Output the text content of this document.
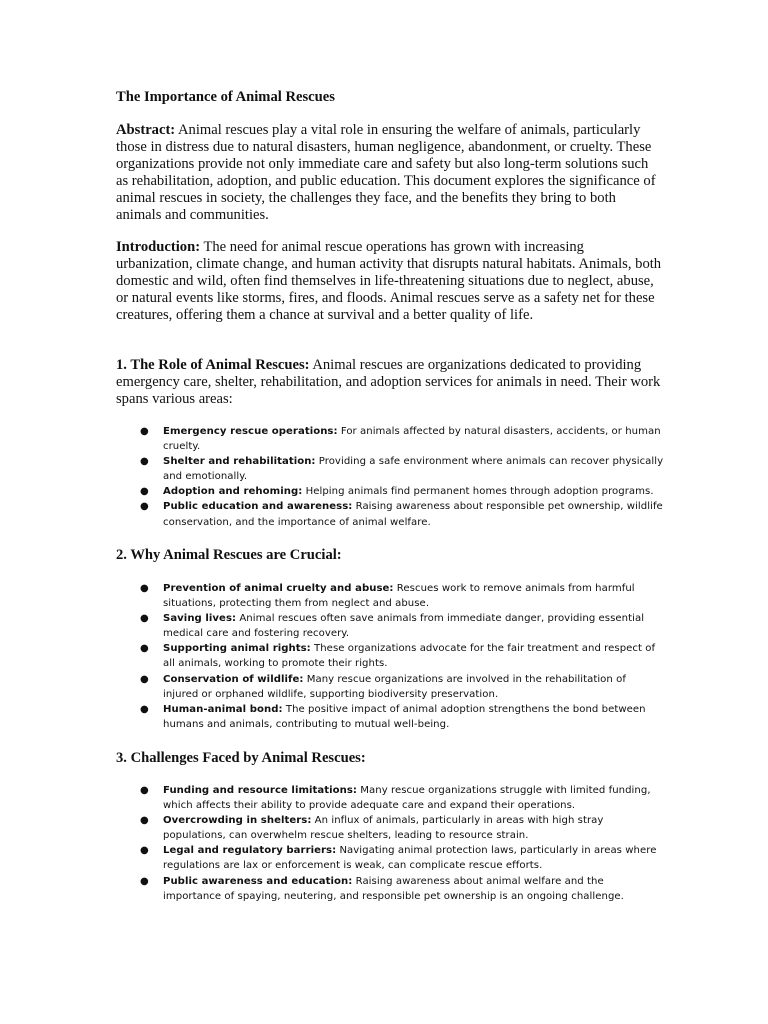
The Importance of Animal Rescues

Abstract: Animal rescues play a vital role in ensuring the welfare of animals, particularly those in distress due to natural disasters, human negligence, abandonment, or cruelty. These organizations provide not only immediate care and safety but also long-term solutions such as rehabilitation, adoption, and public education. This document explores the significance of animal rescues in society, the challenges they face, and the benefits they bring to both animals and communities.

Introduction: The need for animal rescue operations has grown with increasing urbanization, climate change, and human activity that disrupts natural habitats. Animals, both domestic and wild, often find themselves in life-threatening situations due to neglect, abuse, or natural events like storms, fires, and floods. Animal rescues serve as a safety net for these creatures, offering them a chance at survival and a better quality of life.

1. The Role of Animal Rescues: Animal rescues are organizations dedicated to providing emergency care, shelter, rehabilitation, and adoption services for animals in need. Their work spans various areas:

● Emergency rescue operations: For animals affected by natural disasters, accidents, or human cruelty.
● Shelter and rehabilitation: Providing a safe environment where animals can recover physically and emotionally.
● Adoption and rehoming: Helping animals find permanent homes through adoption programs.
● Public education and awareness: Raising awareness about responsible pet ownership, wildlife conservation, and the importance of animal welfare.

2. Why Animal Rescues are Crucial:

● Prevention of animal cruelty and abuse: Rescues work to remove animals from harmful situations, protecting them from neglect and abuse.
● Saving lives: Animal rescues often save animals from immediate danger, providing essential medical care and fostering recovery.
● Supporting animal rights: These organizations advocate for the fair treatment and respect of all animals, working to promote their rights.
● Conservation of wildlife: Many rescue organizations are involved in the rehabilitation of injured or orphaned wildlife, supporting biodiversity preservation.
● Human-animal bond: The positive impact of animal adoption strengthens the bond between humans and animals, contributing to mutual well-being.

3. Challenges Faced by Animal Rescues:

● Funding and resource limitations: Many rescue organizations struggle with limited funding, which affects their ability to provide adequate care and expand their operations.
● Overcrowding in shelters: An influx of animals, particularly in areas with high stray populations, can overwhelm rescue shelters, leading to resource strain.
● Legal and regulatory barriers: Navigating animal protection laws, particularly in areas where regulations are lax or enforcement is weak, can complicate rescue efforts.
● Public awareness and education: Raising awareness about animal welfare and the importance of spaying, neutering, and responsible pet ownership is an ongoing challenge.
